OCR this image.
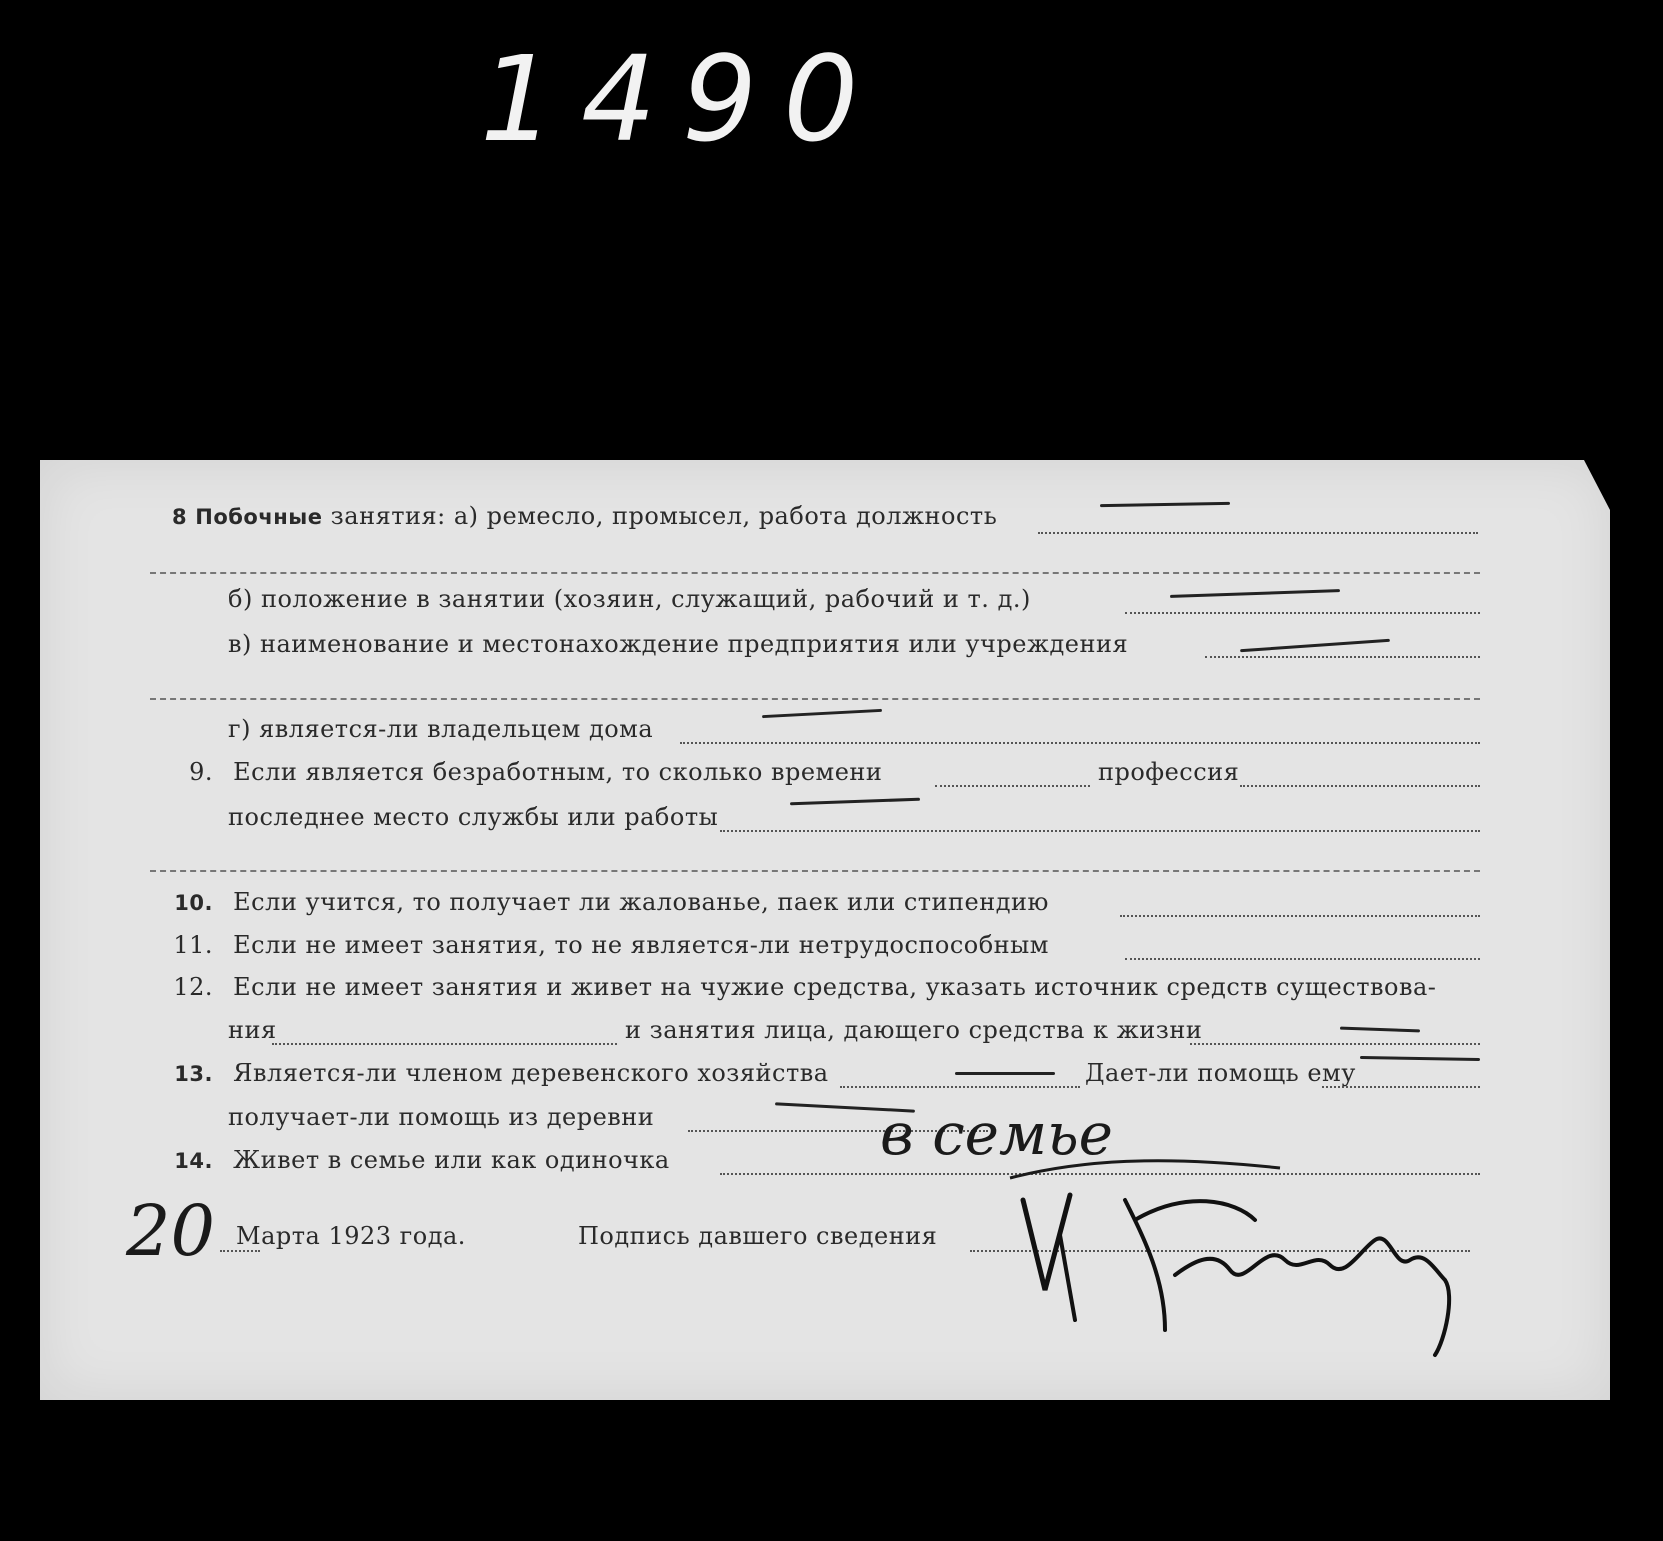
1490
8 Побочные занятия: а) ремесло, промысел, работа должность
б) положение в занятии (хозяин, служащий, рабочий и т. д.)
в) наименование и местонахождение предприятия или учреждения
г) является-ли владельцем дома
9. Если является безработным, то сколько времени	профессия
последнее место службы или работы
10. Если учится, то получает ли жалованье, паек или стипендию
11. Если не имеет занятия, то не является-ли нетрудоспособным
12. Если не имеет занятия и живет на чужие средства, указать источник средств существова-
ния	и занятия лица, дающего средства к жизни
13. Является-ли членом деревенского хозяйства	Дает-ли помощь ему
получает-ли помощь из деревни
14. Живет в семье или как одиночка	в семье
20 Марта 1923 года.	Подпись давшего сведения
